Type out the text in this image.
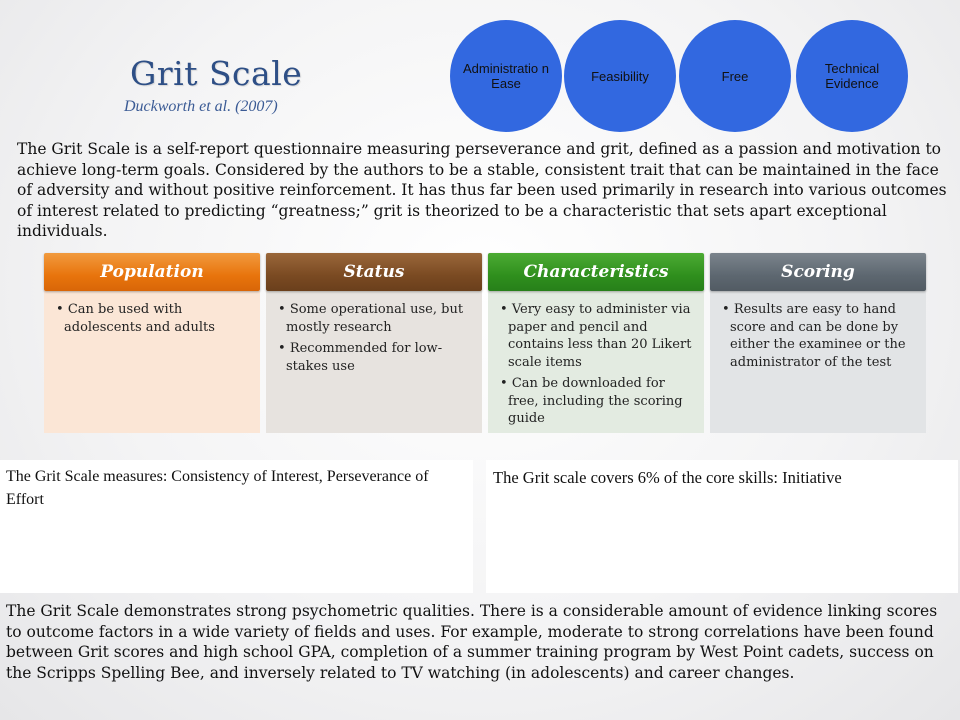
Grit Scale
Duckworth et al. (2007)
Administratio n Ease	Feasibility	Free	Technical Evidence
The Grit Scale is a self-report questionnaire measuring perseverance and grit, defined as a passion and motivation to achieve long-term goals. Considered by the authors to be a stable, consistent trait that can be maintained in the face of adversity and without positive reinforcement. It has thus far been used primarily in research into various outcomes of interest related to predicting “greatness;” grit is theorized to be a characteristic that sets apart exceptional individuals.
Population
• Can be used with adolescents and adults
Status
• Some operational use, but mostly research
• Recommended for low-stakes use
Characteristics
• Very easy to administer via paper and pencil and contains less than 20 Likert scale items
• Can be downloaded for free, including the scoring guide
Scoring
• Results are easy to hand score and can be done by either the examinee or the administrator of the test
The Grit Scale measures: Consistency of Interest, Perseverance of Effort
The Grit scale covers 6% of the core skills: Initiative
The Grit Scale demonstrates strong psychometric qualities. There is a considerable amount of evidence linking scores to outcome factors in a wide variety of fields and uses. For example, moderate to strong correlations have been found between Grit scores and high school GPA, completion of a summer training program by West Point cadets, success on the Scripps Spelling Bee, and inversely related to TV watching (in adolescents) and career changes.
